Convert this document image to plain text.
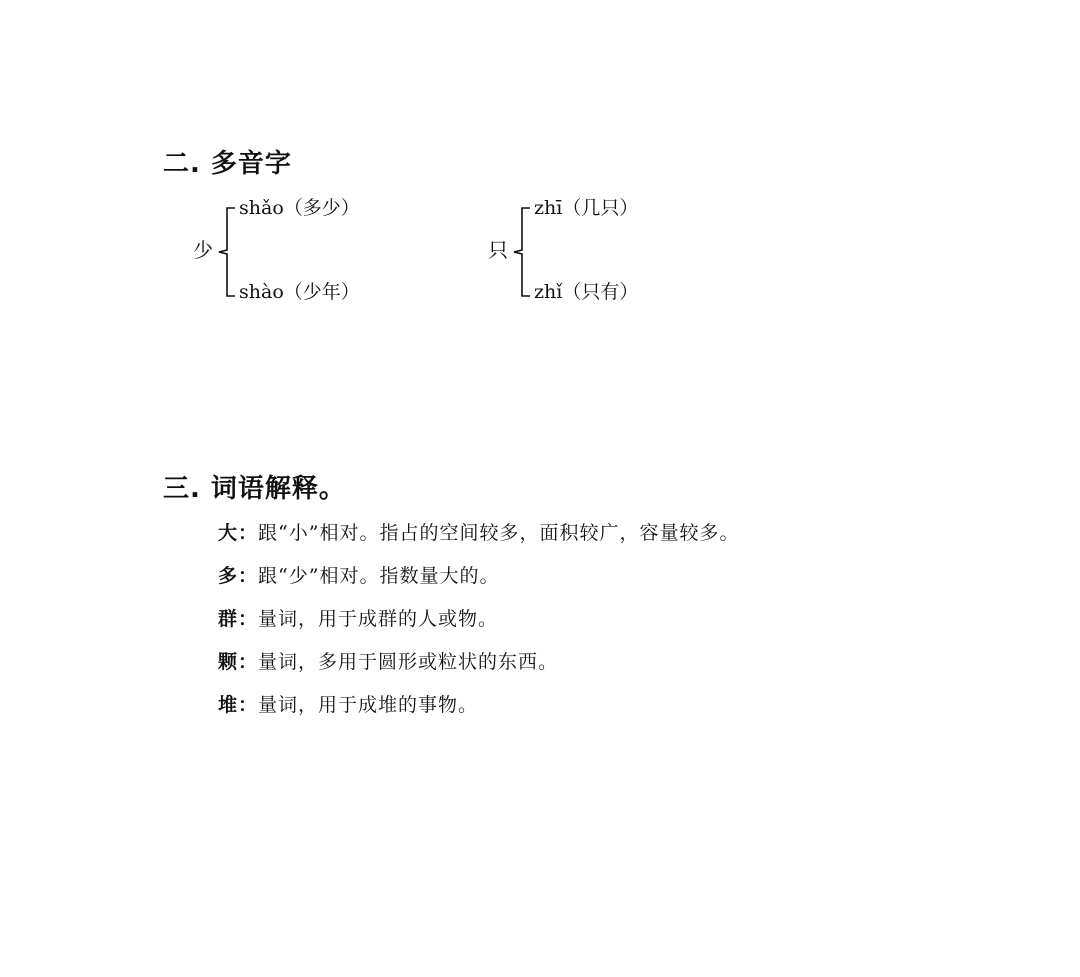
二. 多音字
少
shǎo（多少）
shào（少年）
只
zhī（几只）
zhǐ（只有）
三. 词语解释。
大：跟“小”相对。指占的空间较多，面积较广，容量较多。
多：跟“少”相对。指数量大的。
群：量词，用于成群的人或物。
颗：量词，多用于圆形或粒状的东西。
堆：量词，用于成堆的事物。
